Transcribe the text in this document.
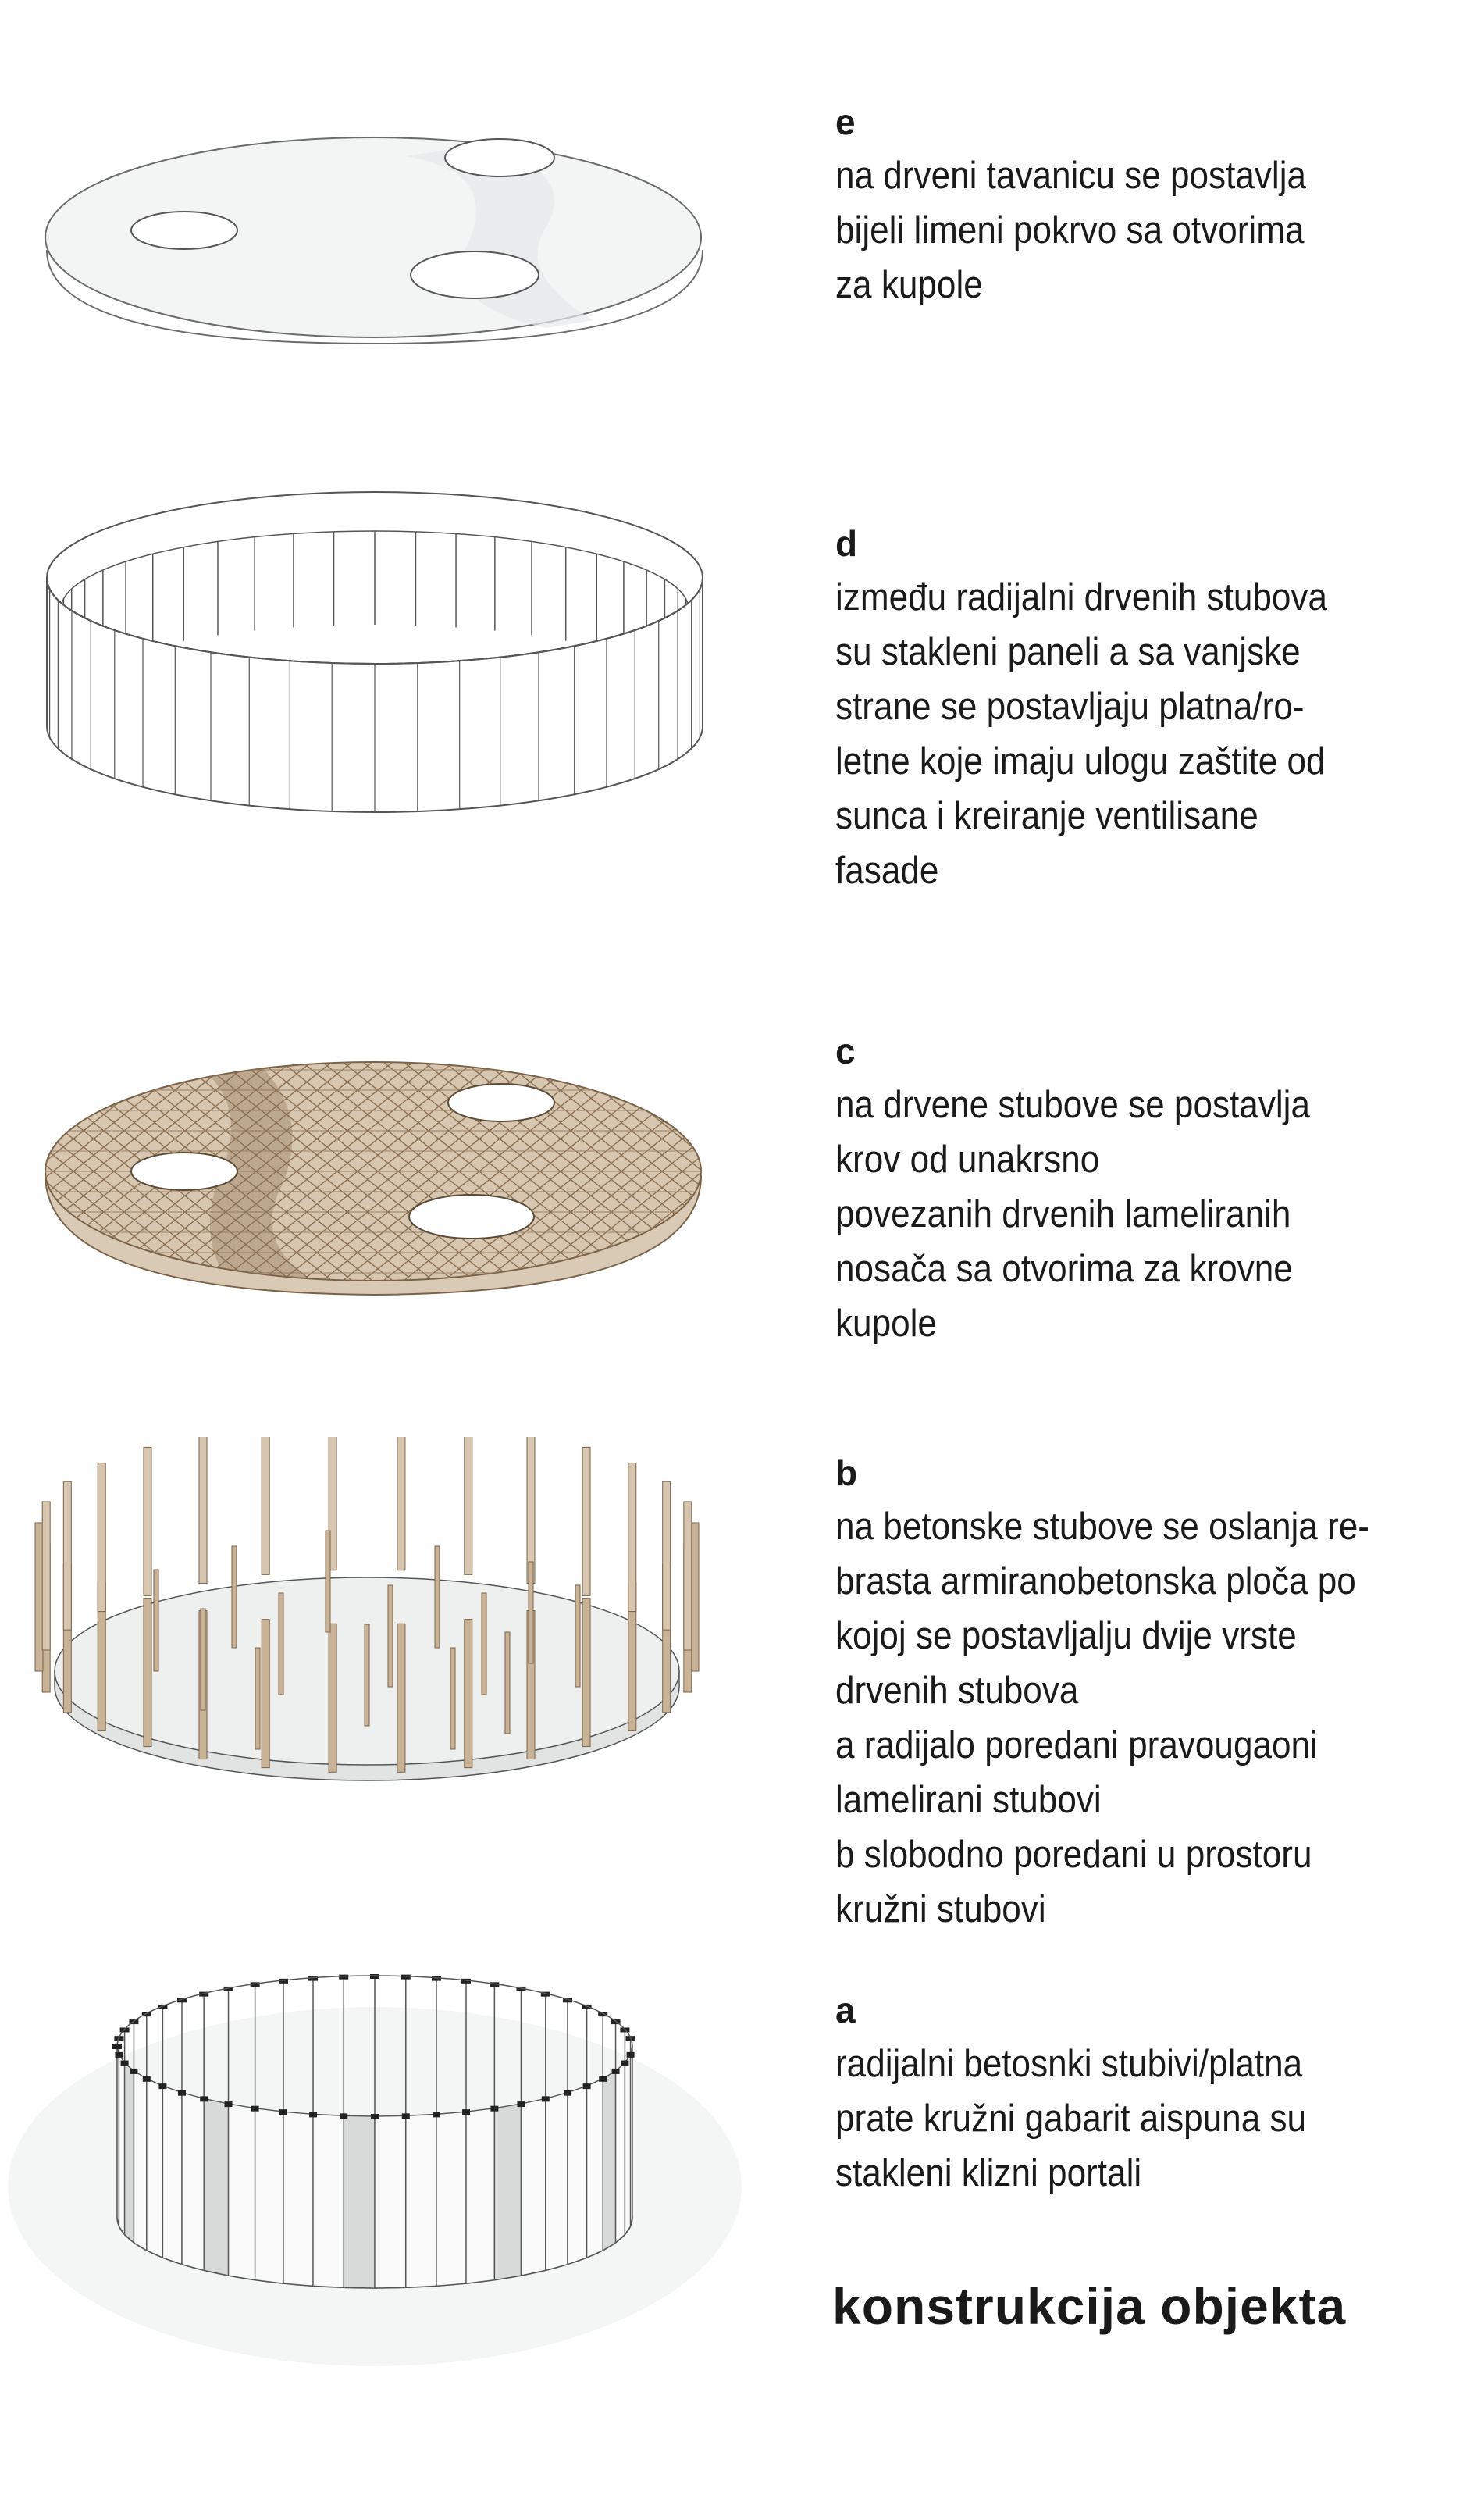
e
na drveni tavanicu se postavlja
bijeli limeni pokrvo sa otvorima
za kupole
d
između radijalni drvenih stubova
su stakleni paneli a sa vanjske
strane se postavljaju platna/ro-
letne koje imaju ulogu zaštite od
sunca i kreiranje ventilisane
fasade
c
na drvene stubove se postavlja
krov od unakrsno
povezanih drvenih lameliranih
nosača sa otvorima za krovne
kupole
b
na betonske stubove se oslanja re-
brasta armiranobetonska ploča po
kojoj se postavljalju dvije vrste
drvenih stubova
a radijalo poredani pravougaoni
lamelirani stubovi
b slobodno poredani u prostoru
kružni stubovi
a
radijalni betosnki stubivi/platna
prate kružni gabarit aispuna su
stakleni klizni portali
konstrukcija objekta
